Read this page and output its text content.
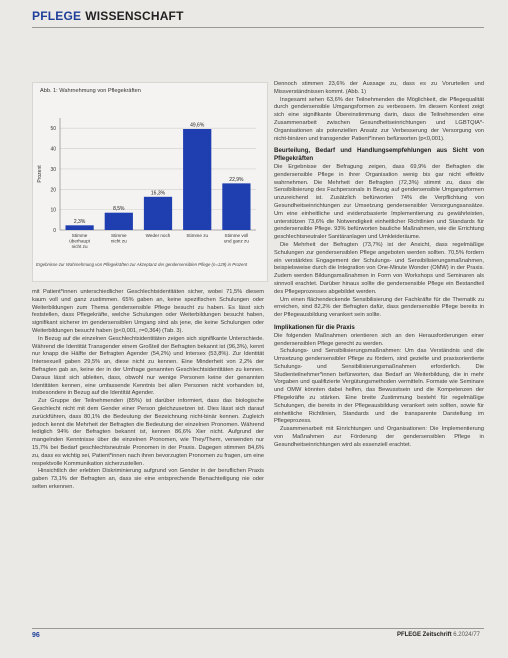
PFLEGE WISSENSCHAFT
Abb. 1: Wahrnehmung von Pflegekräften
0
10
20
30
40
50
Prozent
2,3%
Stimme
überhaupt
nicht zu
8,5%
Stimme
nicht zu
16,3%
Weder noch
49,6%
Stimme zu
22,9%
Stimme voll
und ganz zu
Ergebnisse zur Wahrnehmung von Pflegekräften zur Akzeptanz der gendersensiblen Pflege (n=129) in Prozent

mit Patient*innen unterschiedlicher Geschlechtsidentitäten sicher, wobei 71,5% diesem kaum voll und ganz zustimmen. 65% gaben an, keine spezifischen Schulungen oder Weiterbildungen zum Thema gendersensible Pflege besucht zu haben. Es lässt sich feststellen, dass Pflegekräfte, welche Schulungen oder Weiterbildungen besucht haben, signifikant sicherer im gendersensiblen Umgang sind als jene, die keine Schulungen oder Weiterbildungen besucht haben (p<0,001, r=0,364) (Tab. 3).

In Bezug auf die einzelnen Geschlechtsidentitäten zeigen sich signifikante Unterschiede. Während die Identität Transgender einem Großteil der Befragten bekannt ist (96,3%), kennt nur knapp die Hälfte der Befragten Agender (54,2%) und Intersex (53,8%). Zur Identität Intersexuell gaben 29,5% an, diese nicht zu kennen. Eine Minderheit von 2,2% der Befragten gab an, keine der in der Umfrage genannten Geschlechtsidentitäten zu kennen. Daraus lässt sich ableiten, dass, obwohl nur wenige Personen keine der genannten Identitäten kennen, eine umfassende Kenntnis bei allen Personen nicht vorhanden ist, insbesondere in Bezug auf die Identität Agender.

Zur Gruppe der Teilnehmenden (85%) ist darüber informiert, dass das biologische Geschlecht nicht mit dem Gender einer Person gleichzusetzen ist. Dies lässt sich darauf zurückführen, dass 80,1% die Bedeutung der Bezeichnung nicht-binär kennen. Zugleich jedoch kennt die Mehrheit der Befragten die Bedeutung der einzelnen Pronomen. Während lediglich 94% der Befragten bekannt ist, kennen 86,6% Xier nicht. Aufgrund der mangelnden Kenntnisse über die einzelnen Pronomen, wie They/Them, verwenden nur 15,7% bei Bedarf geschlechtsneutrale Pronomen in der Praxis. Dagegen stimmen 84,6% zu, dass es wichtig sei, Patient*innen nach ihren bevorzugten Pronomen zu fragen, um eine respektvolle Kommunikation sicherzustellen.

Hinsichtlich der erlebten Diskriminierung aufgrund von Gender in der beruflichen Praxis gaben 73,1% der Befragten an, dass sie eine entsprechende Benachteiligung nie oder selten erkennen.

Dennoch stimmen 23,6% der Aussage zu, dass es zu Vorurteilen und Missverständnissen kommt. (Abb. 1)

Insgesamt sehen 63,6% der Teilnehmenden die Möglichkeit, die Pflegequalität durch gendersensible Umgangsformen zu verbessern. Im diesem Kontext zeigt sich eine signifikante Übereinstimmung darin, dass die Teilnehmenden eine Zusammenarbeit zwischen Gesundheitseinrichtungen und LGBTQIA*-Organisationen als potenziellen Ansatz zur Verbesserung der Versorgung von nicht-binären und transgender Patient*innen befürworten (p<0,001).

Beurteilung, Bedarf und Handlungsempfehlungen aus Sicht von Pflegekräften

Die Ergebnisse der Befragung zeigen, dass 69,9% der Befragten die gendersensible Pflege in ihrer Organisation wenig bis gar nicht effektiv wahrnehmen. Die Mehrheit der Befragten (72,3%) stimmt zu, dass die Sensibilisierung des Fachpersonals in Bezug auf gendersensible Umgangsformen unzureichend ist. Zusätzlich befürworten 74% die Verpflichtung von Gesundheitseinrichtungen zur Umsetzung gendersensibler Versorgungsansätze. Um eine einheitliche und evidenzbasierte Implementierung zu gewährleisten, unterstützen 73,6% die Notwendigkeit einheitlicher Richtlinien und Standards für gendersensible Pflege. 93% befürworten bauliche Maßnahmen, wie die Errichtung geschlechtsneutraler Sanitäranlagen und Umkleideräume.

Die Mehrheit der Befragten (73,7%) ist der Ansicht, dass regelmäßige Schulungen zur gendersensiblen Pflege angeboten werden sollten. 70,5% fordern ein verstärktes Engagement der Schulungs- und Sensibilisierungsmaßnahmen, beispielsweise durch die Integration von One-Minute Wonder (OMW) in der Praxis. Zudem werden Bildungsmaßnahmen in Form von Workshops und Seminaren als sinnvoll erachtet. Darüber hinaus sollte die gendersensible Pflege ein Bestandteil des Pflegeprozesses abgebildet werden.

Um einen flächendeckende Sensibilisierung der Fachkräfte für die Thematik zu erreichen, sind 82,2% der Befragten dafür, dass gendersensible Pflege bereits in der Pflegeausbildung verankert sein sollte.

Implikationen für die Praxis

Die folgenden Maßnahmen orientieren sich an den Herausforderungen einer gendersensiblen Pflege gerecht zu werden.

Schulungs- und Sensibilisierungsmaßnahmen: Um das Verständnis und die Umsetzung gendersensibler Pflege zu fördern, sind gezielte und praxisorientierte Schulungs- und Sensibilisierungsmaßnahmen erforderlich. Die Studienteilnehmer*innen befürworten, das Bedarf an Weiterbildung, die in mehr Vorgaben und qualifizierte Vergütungsmethoden vermitteln. Formate wie Seminare und OMW könnten dabei helfen, das Bewusstsein und die Kompetenzen der Pflegekräfte zu stärken. Eine breite Zustimmung besteht für regelmäßige Schulungen, die bereits in der Pflegeausbildung verankert sein sollten, sowie für einheitliche Richtlinien, Standards und die transparente Darstellung im Pflegeprozess.

Zusammenarbeit mit Einrichtungen und Organisationen: Die Implementierung von Maßnahmen zur Förderung der gendersensiblen Pflege in Gesundheitseinrichtungen wird als essenziell erachtet.

96	PFLEGE Zeitschrift 6.2024/77
